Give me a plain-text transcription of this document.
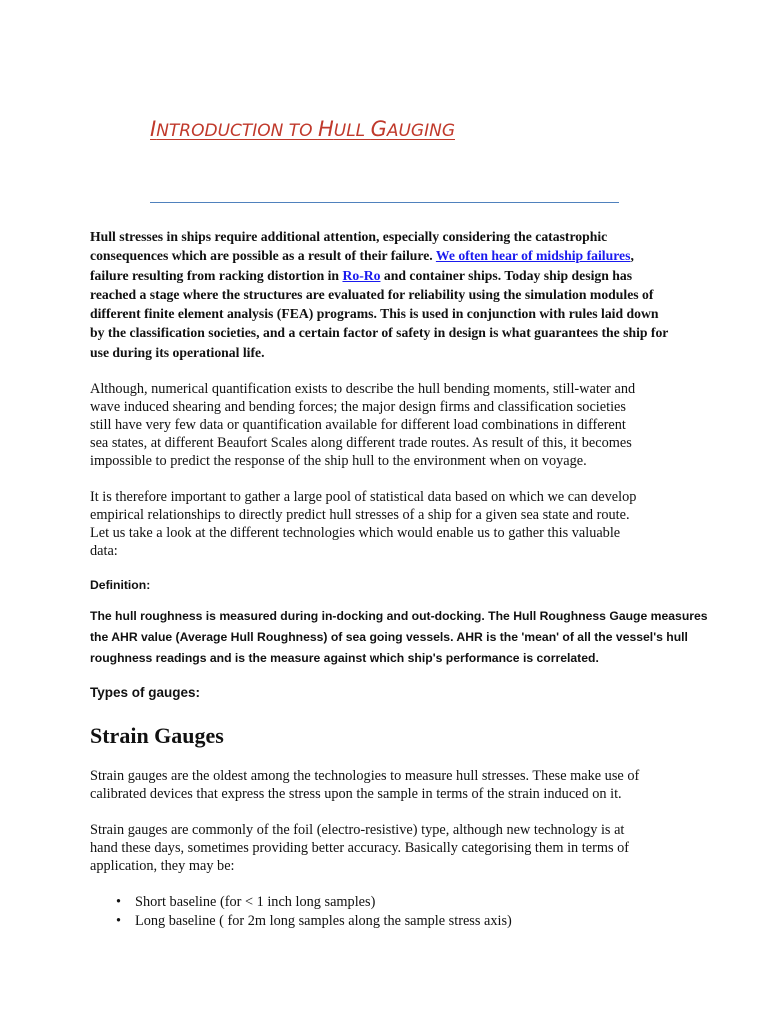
INTRODUCTION TO HULL GAUGING

Hull stresses in ships require additional attention, especially considering the catastrophic
consequences which are possible as a result of their failure. We often hear of midship failures,
failure resulting from racking distortion in Ro-Ro and container ships. Today ship design has
reached a stage where the structures are evaluated for reliability using the simulation modules of
different finite element analysis (FEA) programs. This is used in conjunction with rules laid down
by the classification societies, and a certain factor of safety in design is what guarantees the ship for
use during its operational life.

Although, numerical quantification exists to describe the hull bending moments, still-water and
wave induced shearing and bending forces; the major design firms and classification societies
still have very few data or quantification available for different load combinations in different
sea states, at different Beaufort Scales along different trade routes. As result of this, it becomes
impossible to predict the response of the ship hull to the environment when on voyage.

It is therefore important to gather a large pool of statistical data based on which we can develop
empirical relationships to directly predict hull stresses of a ship for a given sea state and route.
Let us take a look at the different technologies which would enable us to gather this valuable
data:

Definition:

The hull roughness is measured during in-docking and out-docking. The Hull Roughness Gauge measures
the AHR value (Average Hull Roughness) of sea going vessels. AHR is the 'mean' of all the vessel's hull
roughness readings and is the measure against which ship's performance is correlated.

Types of gauges:

Strain Gauges

Strain gauges are the oldest among the technologies to measure hull stresses. These make use of
calibrated devices that express the stress upon the sample in terms of the strain induced on it.

Strain gauges are commonly of the foil (electro-resistive) type, although new technology is at
hand these days, sometimes providing better accuracy. Basically categorising them in terms of
application, they may be:

• Short baseline (for < 1 inch long samples)
• Long baseline ( for 2m long samples along the sample stress axis)
